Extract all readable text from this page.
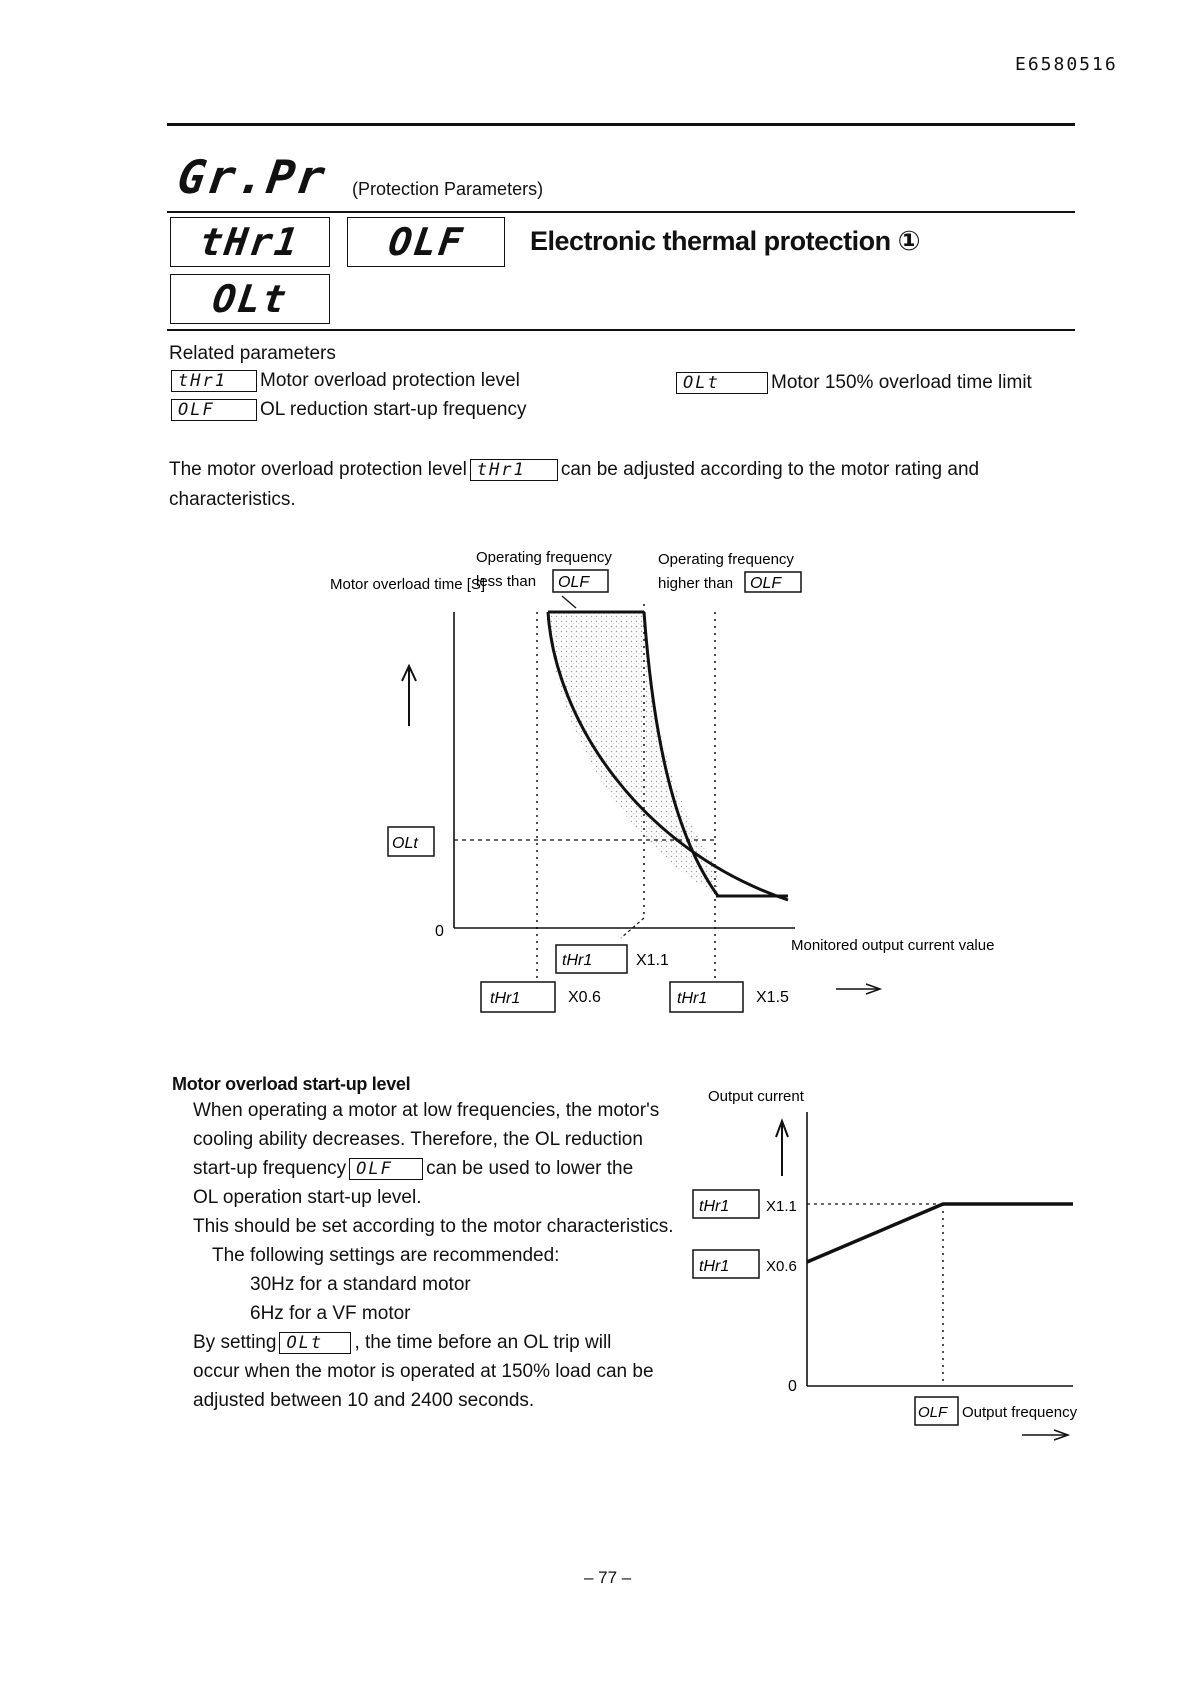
E6580516
Gr.Pr (Protection Parameters)
tHr1 OLF
OLt
Electronic thermal protection ①
Related parameters
tHr1 Motor overload protection level
OLF OL reduction start-up frequency
OLt	Motor 150% overload time limit
The motor overload protection level tHr1 can be adjusted according to the motor rating and
characteristics.
Motor overload time [S]
Operating frequency
less than OLF
Operating frequency
higher than OLF
0
OLt
tHr1	X0.6
tHr1	X1.1
tHr1	X1.5
Monitored output current value
Motor overload start-up level
When operating a motor at low frequencies, the motor's
cooling ability decreases. Therefore, the OL reduction
start-up frequency OLF can be used to lower the
OL operation start-up level.
This should be set according to the motor characteristics.
The following settings are recommended:
30Hz for a standard motor
6Hz for a VF motor
By setting OLt , the time before an OL trip will
occur when the motor is operated at 150% load can be
adjusted between 10 and 2400 seconds.
Output current
0
tHr1 X1.1
tHr1 X0.6
OLF Output frequency
– 77 –
